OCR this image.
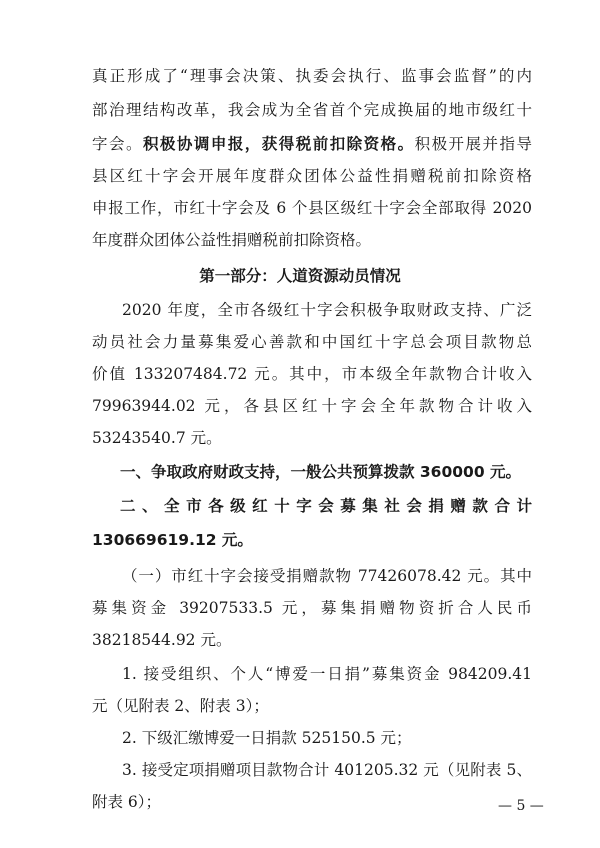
真正形成了“理事会决策、执委会执行、监事会监督”的内
部治理结构改革，我会成为全省首个完成换届的地市级红十
字会。积极协调申报，获得税前扣除资格。积极开展并指导
县区红十字会开展年度群众团体公益性捐赠税前扣除资格
申报工作，市红十字会及 6 个县区级红十字会全部取得 2020
年度群众团体公益性捐赠税前扣除资格。
第一部分：人道资源动员情况
2020 年度，全市各级红十字会积极争取财政支持、广泛
动员社会力量募集爱心善款和中国红十字总会项目款物总
价值 133207484.72 元。其中，市本级全年款物合计收入
79963944.02 元，各县区红十字会全年款物合计收入
53243540.7 元。
一、争取政府财政支持，一般公共预算拨款 360000 元。
二、全市各级红十字会募集社会捐赠款合计
130669619.12 元。
（一）市红十字会接受捐赠款物 77426078.42 元。其中
募集资金 39207533.5 元，募集捐赠物资折合人民币
38218544.92 元。
1. 接受组织、个人“博爱一日捐”募集资金 984209.41
元（见附表 2、附表 3）；
2. 下级汇缴博爱一日捐款 525150.5 元；
3. 接受定项捐赠项目款物合计 401205.32 元（见附表 5、
附表 6）；	— 5 —
